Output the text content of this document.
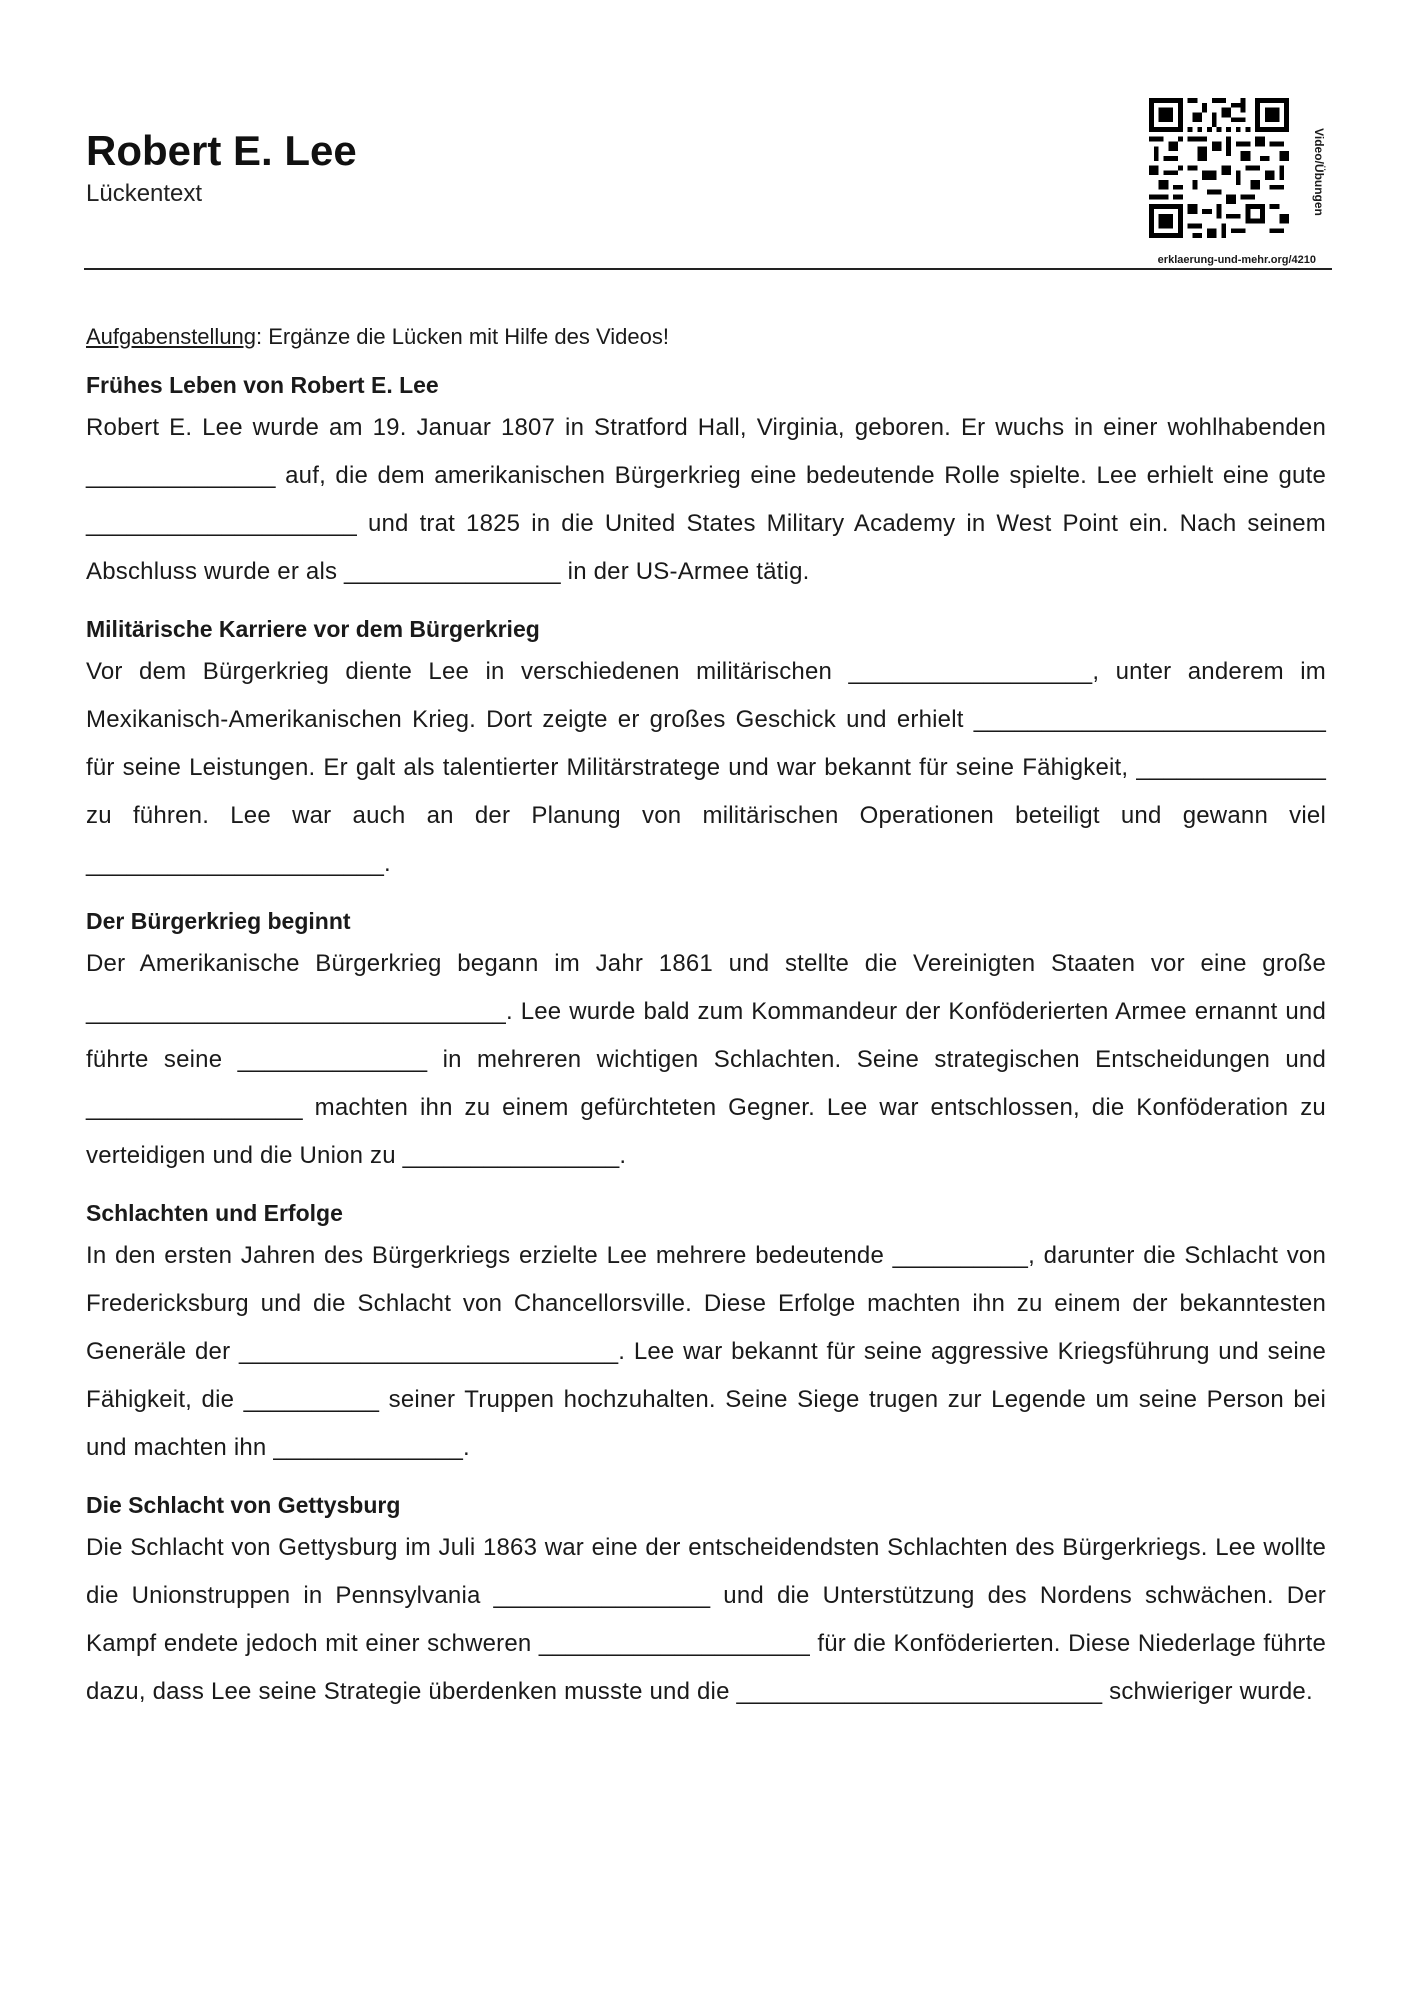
Robert E. Lee
Lückentext	Video/Übungen
erklaerung-und-mehr.org/4210

Aufgabenstellung: Ergänze die Lücken mit Hilfe des Videos!

Frühes Leben von Robert E. Lee

Robert E. Lee wurde am 19. Januar 1807 in Stratford Hall, Virginia, geboren. Er wuchs in einer wohlhabenden ______________ auf, die dem amerikanischen Bürgerkrieg eine bedeutende Rolle spielte. Lee erhielt eine gute ____________________ und trat 1825 in die United States Military Academy in West Point ein. Nach seinem Abschluss wurde er als ________________ in der US-Armee tätig.

Militärische Karriere vor dem Bürgerkrieg

Vor dem Bürgerkrieg diente Lee in verschiedenen militärischen __________________, unter anderem im Mexikanisch-Amerikanischen Krieg. Dort zeigte er großes Geschick und erhielt __________________________ für seine Leistungen. Er galt als talentierter Militärstratege und war bekannt für seine Fähigkeit, ______________ zu führen. Lee war auch an der Planung von militärischen Operationen beteiligt und gewann viel ______________________.

Der Bürgerkrieg beginnt

Der Amerikanische Bürgerkrieg begann im Jahr 1861 und stellte die Vereinigten Staaten vor eine große _______________________________. Lee wurde bald zum Kommandeur der Konföderierten Armee ernannt und führte seine ______________ in mehreren wichtigen Schlachten. Seine strategischen Entscheidungen und ________________ machten ihn zu einem gefürchteten Gegner. Lee war entschlossen, die Konföderation zu verteidigen und die Union zu ________________.

Schlachten und Erfolge

In den ersten Jahren des Bürgerkriegs erzielte Lee mehrere bedeutende __________, darunter die Schlacht von Fredericksburg und die Schlacht von Chancellorsville. Diese Erfolge machten ihn zu einem der bekanntesten Generäle der ____________________________. Lee war bekannt für seine aggressive Kriegsführung und seine Fähigkeit, die __________ seiner Truppen hochzuhalten. Seine Siege trugen zur Legende um seine Person bei und machten ihn ______________.

Die Schlacht von Gettysburg

Die Schlacht von Gettysburg im Juli 1863 war eine der entscheidendsten Schlachten des Bürgerkriegs. Lee wollte die Unionstruppen in Pennsylvania ________________ und die Unterstützung des Nordens schwächen. Der Kampf endete jedoch mit einer schweren ____________________ für die Konföderierten. Diese Niederlage führte dazu, dass Lee seine Strategie überdenken musste und die ___________________________ schwieriger wurde.
